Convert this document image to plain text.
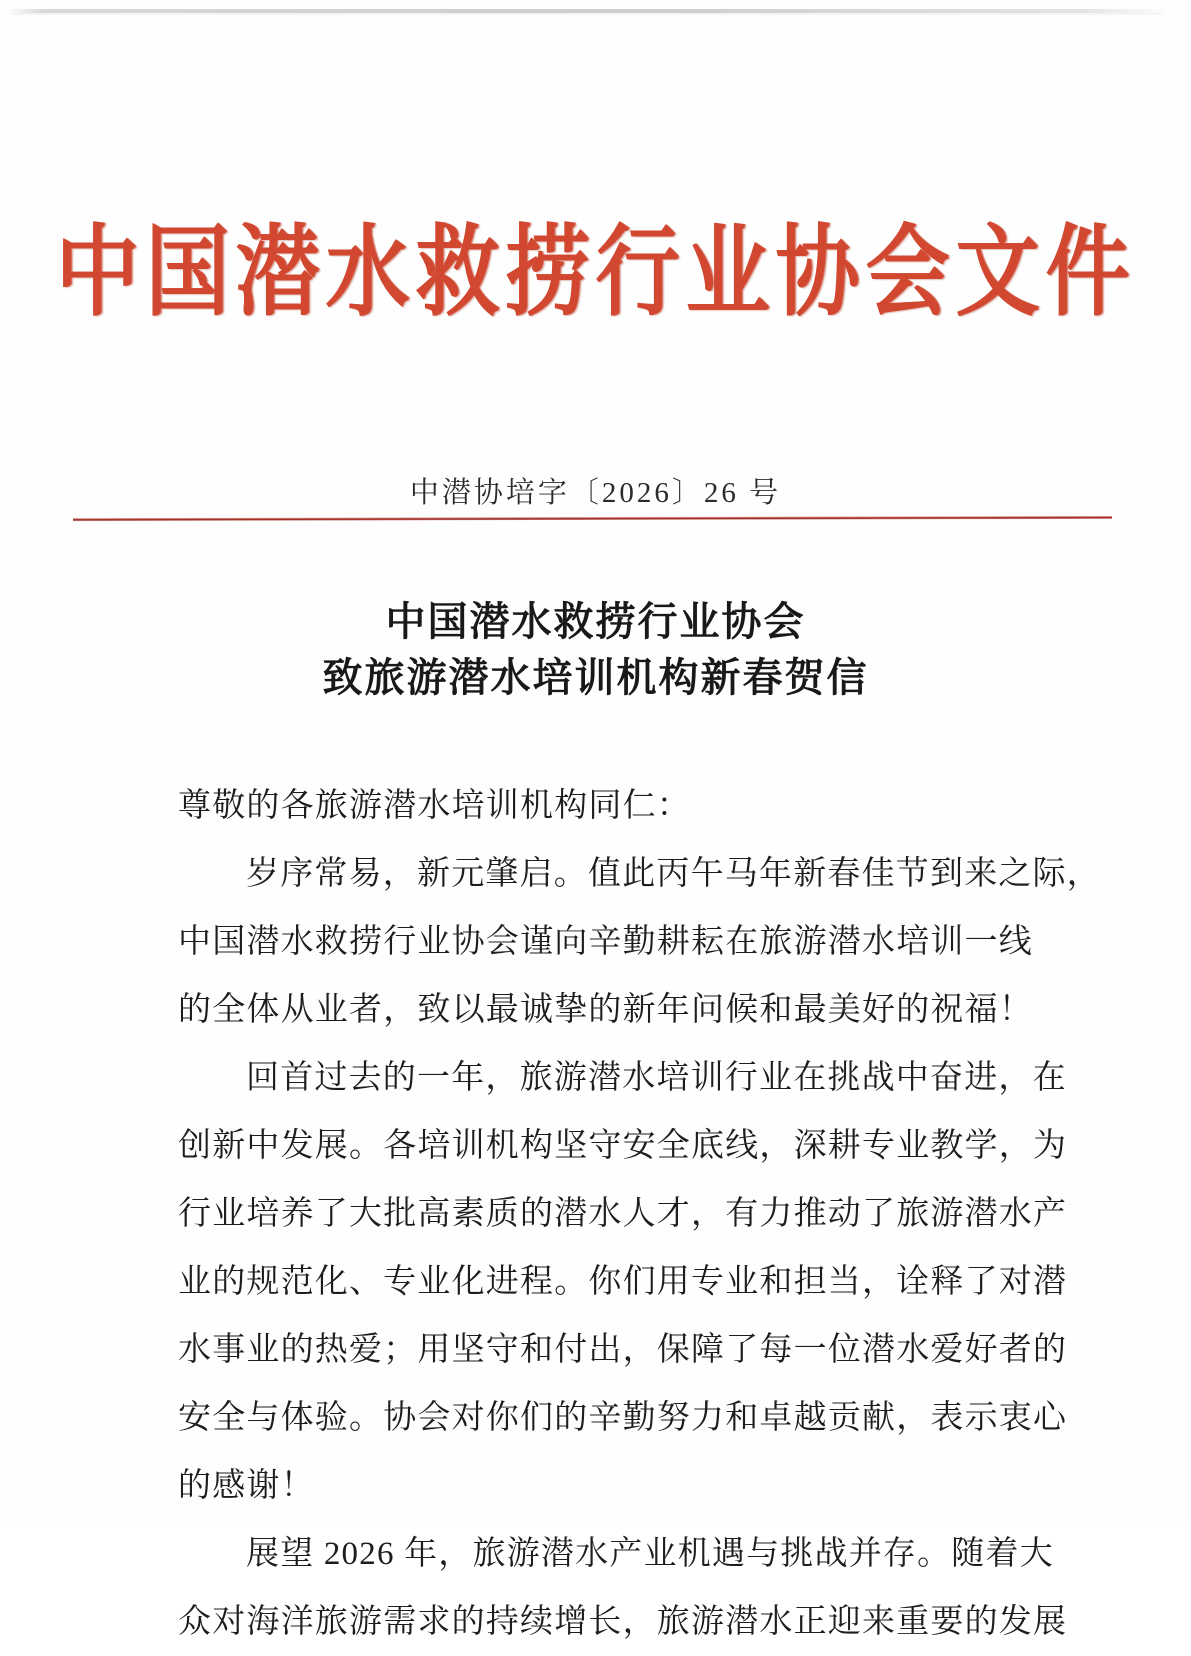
中国潜水救捞行业协会文件
中潜协培字〔2026〕26 号
中国潜水救捞行业协会
致旅游潜水培训机构新春贺信
尊敬的各旅游潜水培训机构同仁：
岁序常易，新元肇启。值此丙午马年新春佳节到来之际，
中国潜水救捞行业协会谨向辛勤耕耘在旅游潜水培训一线
的全体从业者，致以最诚挚的新年问候和最美好的祝福！
回首过去的一年，旅游潜水培训行业在挑战中奋进，在
创新中发展。各培训机构坚守安全底线，深耕专业教学，为
行业培养了大批高素质的潜水人才，有力推动了旅游潜水产
业的规范化、专业化进程。你们用专业和担当，诠释了对潜
水事业的热爱；用坚守和付出，保障了每一位潜水爱好者的
安全与体验。协会对你们的辛勤努力和卓越贡献，表示衷心
的感谢！
展望 2026 年，旅游潜水产业机遇与挑战并存。随着大
众对海洋旅游需求的持续增长，旅游潜水正迎来重要的发展
